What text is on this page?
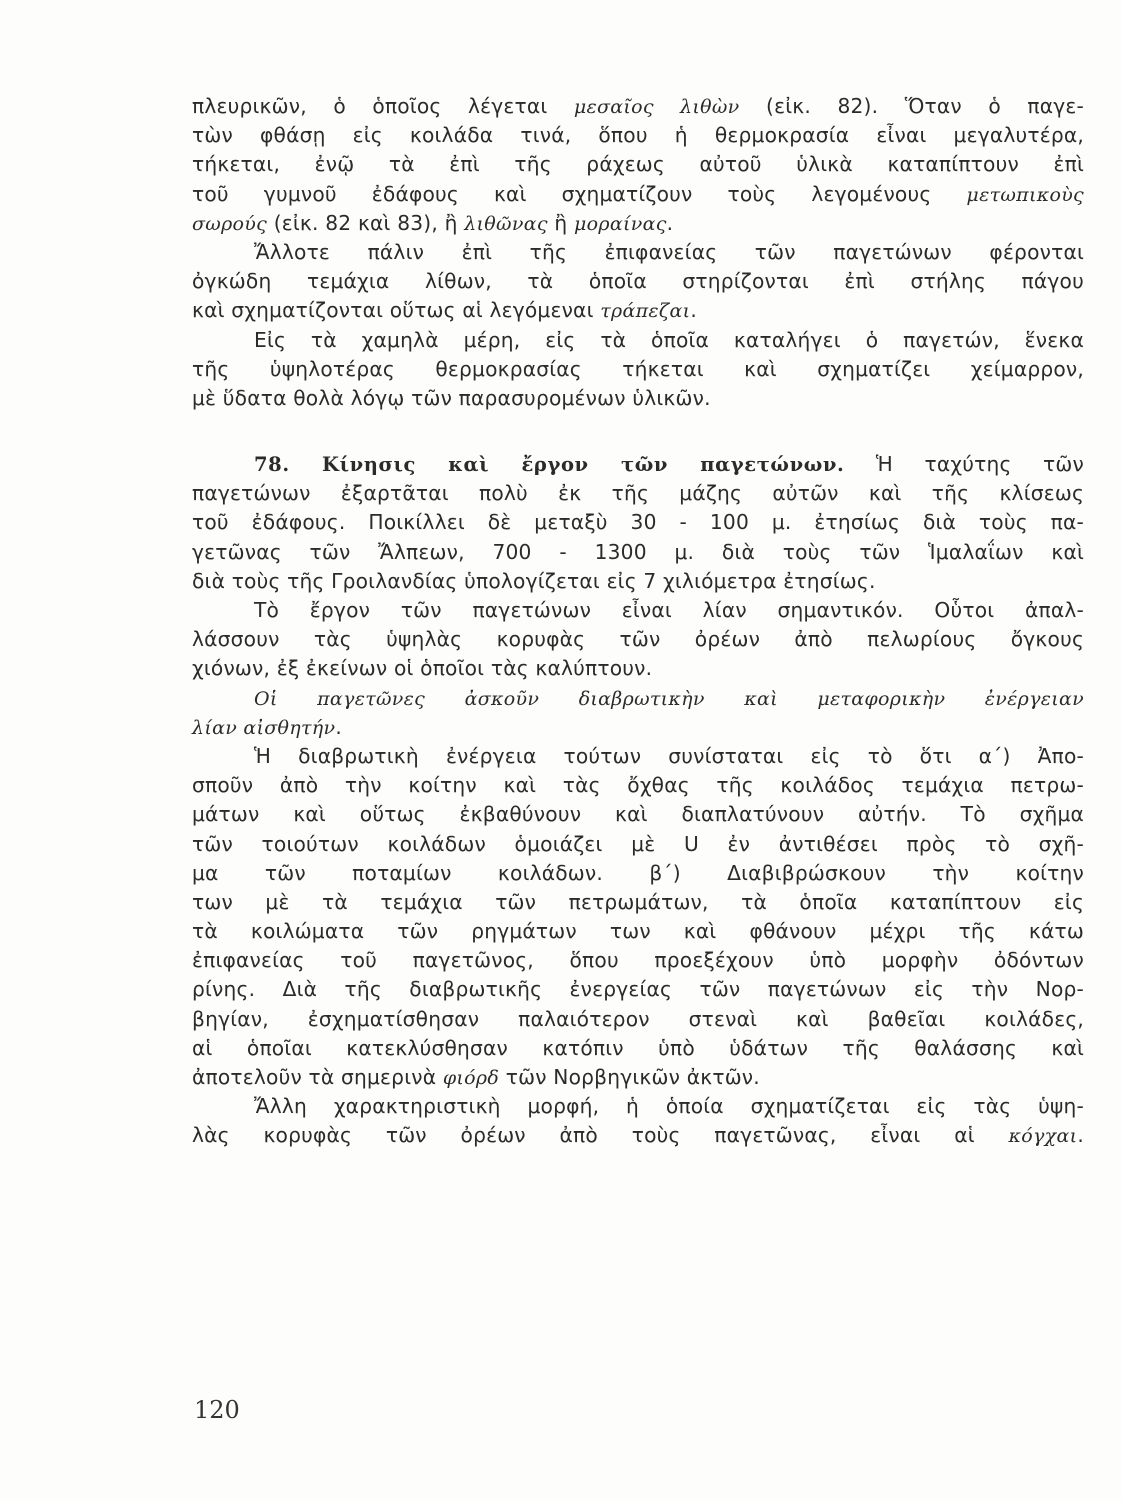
πλευρικῶν, ὁ ὁποῖος λέγεται μεσαῖος λιθὼν (εἰκ. 82). Ὅταν ὁ παγε-
τὼν φθάσῃ εἰς κοιλάδα τινά, ὅπου ἡ θερμοκρασία εἶναι μεγαλυτέρα,
τήκεται, ἐνῷ τὰ ἐπὶ τῆς ράχεως αὐτοῦ ὑλικὰ καταπίπτουν ἐπὶ
τοῦ γυμνοῦ ἐδάφους καὶ σχηματίζουν τοὺς λεγομένους μετωπικοὺς
σωρούς (εἰκ. 82 καὶ 83), ἢ λιθῶνας ἢ μοραίνας.
Ἄλλοτε πάλιν ἐπὶ τῆς ἐπιφανείας τῶν παγετώνων φέρονται
ὀγκώδη τεμάχια λίθων, τὰ ὁποῖα στηρίζονται ἐπὶ στήλης πάγου
καὶ σχηματίζονται οὕτως αἱ λεγόμεναι τράπεζαι.
Εἰς τὰ χαμηλὰ μέρη, εἰς τὰ ὁποῖα καταλήγει ὁ παγετών, ἕνεκα
τῆς ὑψηλοτέρας θερμοκρασίας τήκεται καὶ σχηματίζει χείμαρρον,
μὲ ὕδατα θολὰ λόγῳ τῶν παρασυρομένων ὑλικῶν.
78. Κίνησις καὶ ἔργον τῶν παγετώνων. Ἡ ταχύτης τῶν
παγετώνων ἐξαρτᾶται πολὺ ἐκ τῆς μάζης αὐτῶν καὶ τῆς κλίσεως
τοῦ ἐδάφους. Ποικίλλει δὲ μεταξὺ 30 - 100 μ. ἐτησίως διὰ τοὺς πα-
γετῶνας τῶν Ἄλπεων, 700 - 1300 μ. διὰ τοὺς τῶν Ἱμαλαΐων καὶ
διὰ τοὺς τῆς Γροιλανδίας ὑπολογίζεται εἰς 7 χιλιόμετρα ἐτησίως.
Τὸ ἔργον τῶν παγετώνων εἶναι λίαν σημαντικόν. Οὗτοι ἀπαλ-
λάσσουν τὰς ὑψηλὰς κορυφὰς τῶν ὀρέων ἀπὸ πελωρίους ὄγκους
χιόνων, ἐξ ἐκείνων οἱ ὁποῖοι τὰς καλύπτουν.
Οἱ παγετῶνες ἀσκοῦν διαβρωτικὴν καὶ μεταφορικὴν ἐνέργειαν
λίαν αἰσθητήν.
Ἡ διαβρωτικὴ ἐνέργεια τούτων συνίσταται εἰς τὸ ὅτι α΄) Ἀπο-
σποῦν ἀπὸ τὴν κοίτην καὶ τὰς ὄχθας τῆς κοιλάδος τεμάχια πετρω-
μάτων καὶ οὕτως ἐκβαθύνουν καὶ διαπλατύνουν αὐτήν. Τὸ σχῆμα
τῶν τοιούτων κοιλάδων ὁμοιάζει μὲ U ἐν ἀντιθέσει πρὸς τὸ σχῆ-
μα τῶν ποταμίων κοιλάδων. β΄) Διαβιβρώσκουν τὴν κοίτην
των μὲ τὰ τεμάχια τῶν πετρωμάτων, τὰ ὁποῖα καταπίπτουν εἰς
τὰ κοιλώματα τῶν ρηγμάτων των καὶ φθάνουν μέχρι τῆς κάτω
ἐπιφανείας τοῦ παγετῶνος, ὅπου προεξέχουν ὑπὸ μορφὴν ὀδόντων
ρίνης. Διὰ τῆς διαβρωτικῆς ἐνεργείας τῶν παγετώνων εἰς τὴν Νορ-
βηγίαν, ἐσχηματίσθησαν παλαιότερον στεναὶ καὶ βαθεῖαι κοιλάδες,
αἱ ὁποῖαι κατεκλύσθησαν κατόπιν ὑπὸ ὑδάτων τῆς θαλάσσης καὶ
ἀποτελοῦν τὰ σημερινὰ φιόρδ τῶν Νορβηγικῶν ἀκτῶν.
Ἄλλη χαρακτηριστικὴ μορφή, ἡ ὁποία σχηματίζεται εἰς τὰς ὑψη-
λὰς κορυφὰς τῶν ὀρέων ἀπὸ τοὺς παγετῶνας, εἶναι αἱ κόγχαι.
120
